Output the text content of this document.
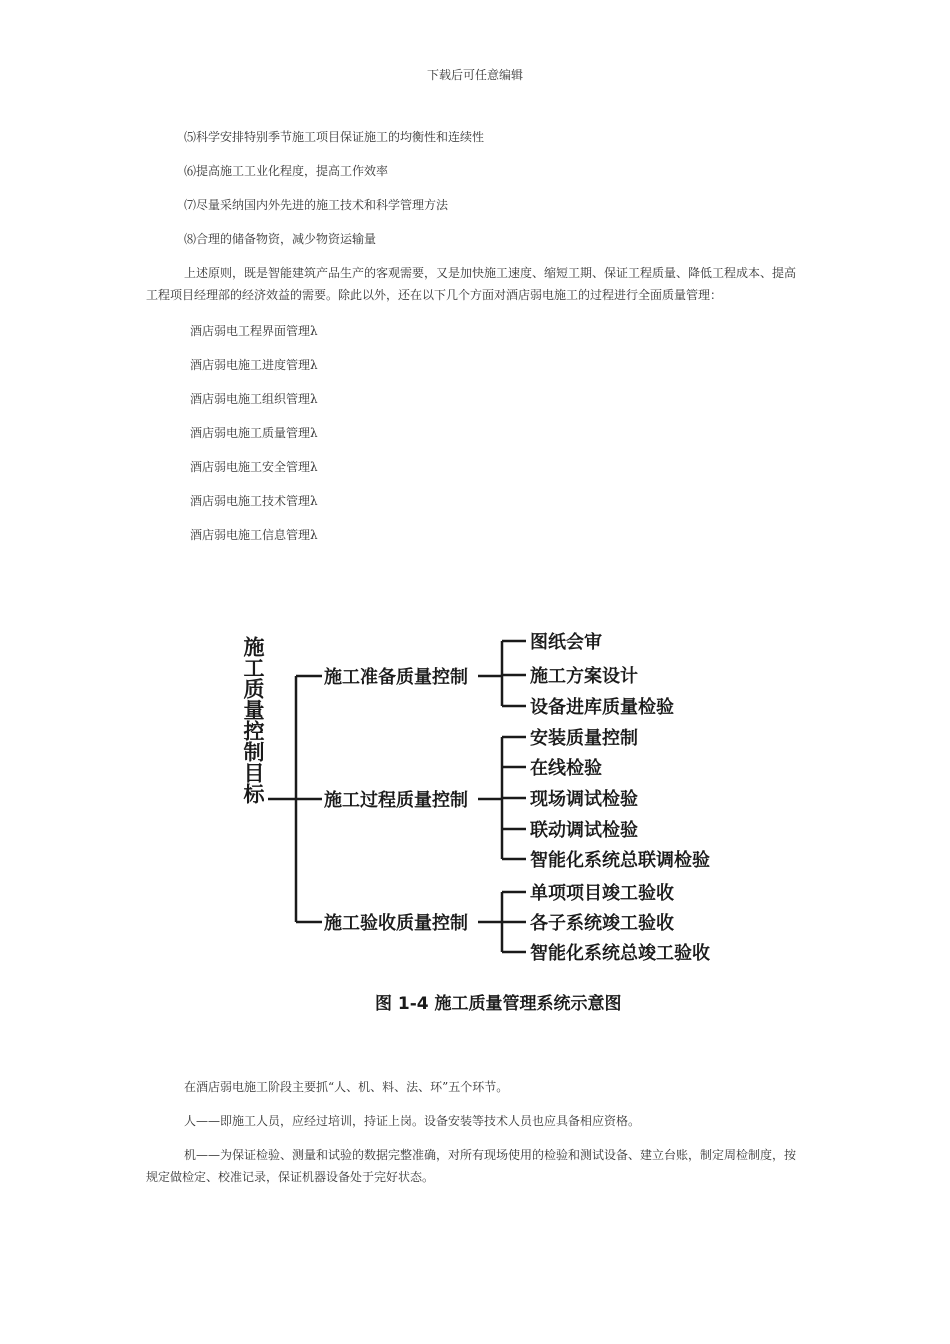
下载后可任意编辑
⑸科学安排特别季节施工项目保证施工的均衡性和连续性
⑹提高施工工业化程度，提高工作效率
⑺尽量采纳国内外先进的施工技术和科学管理方法
⑻合理的储备物资，减少物资运输量
上述原则，既是智能建筑产品生产的客观需要，又是加快施工速度、缩短工期、保证工程质量、降低工程成本、提高工程项目经理部的经济效益的需要。除此以外，还在以下几个方面对酒店弱电施工的过程进行全面质量管理：
酒店弱电工程界面管理λ
酒店弱电施工进度管理λ
酒店弱电施工组织管理λ
酒店弱电施工质量管理λ
酒店弱电施工安全管理λ
酒店弱电施工技术管理λ
酒店弱电施工信息管理λ
施工质量控制目标	施工准备质量控制
施工过程质量控制
施工验收质量控制
图纸会审
施工方案设计
设备进库质量检验
安装质量控制
在线检验
现场调试检验
联动调试检验
智能化系统总联调检验
单项项目竣工验收
各子系统竣工验收
智能化系统总竣工验收
图 1-4 施工质量管理系统示意图
在酒店弱电施工阶段主要抓“人、机、料、法、环”五个环节。
人——即施工人员，应经过培训，持证上岗。设备安装等技术人员也应具备相应资格。
机——为保证检验、测量和试验的数据完整准确，对所有现场使用的检验和测试设备、建立台账，制定周检制度，按规定做检定、校准记录，保证机器设备处于完好状态。
